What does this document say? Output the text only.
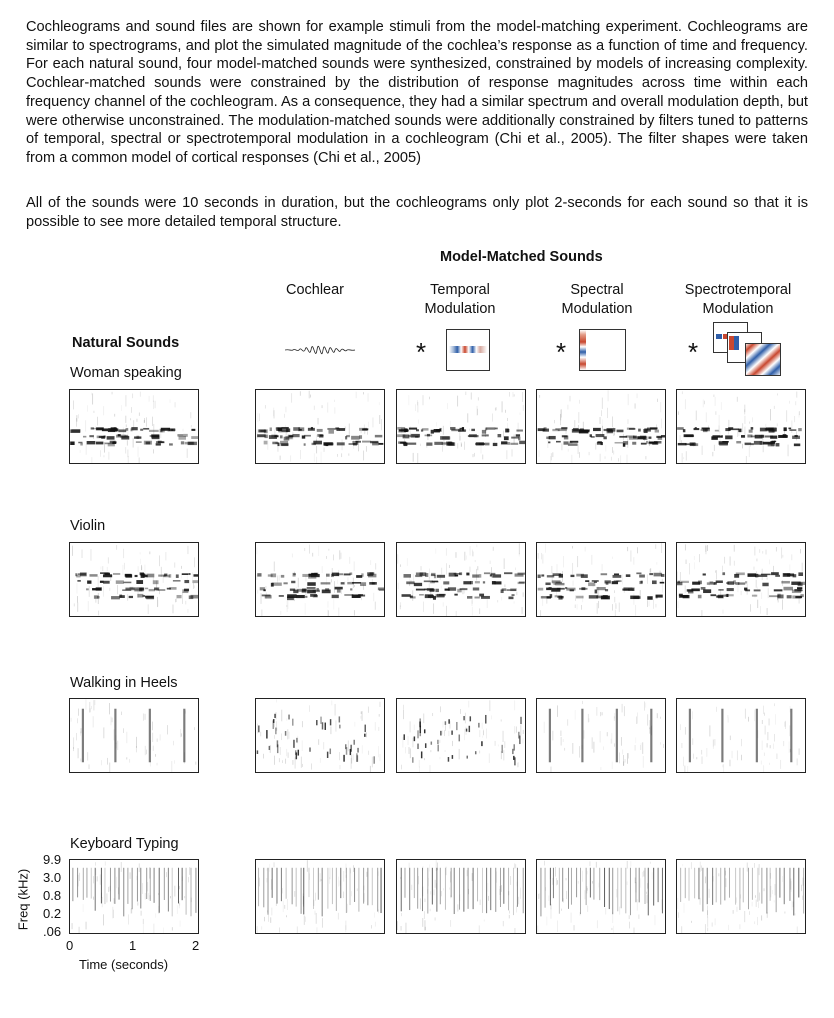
Cochleograms and sound files are shown for example stimuli from the model-matching experiment. Cochleograms are similar to spectrograms, and plot the simulated magnitude of the cochlea’s response as a function of time and frequency. For each natural sound, four model-matched sounds were synthesized, constrained by models of increasing complexity. Cochlear-matched sounds were constrained by the distribution of response magnitudes across time within each frequency channel of the cochleogram. As a consequence, they had a similar spectrum and overall modulation depth, but were otherwise unconstrained. The modulation-matched sounds were additionally constrained by filters tuned to patterns of temporal, spectral or spectrotemporal modulation in a cochleogram (Chi et al., 2005). The filter shapes were taken from a common model of cortical responses (Chi et al., 2005)

All of the sounds were 10 seconds in duration, but the cochleograms only plot 2-seconds for each sound so that it is possible to see more detailed temporal structure.

Model-Matched Sounds
Cochlear	Temporal
Modulation
Spectral
Modulation
Spectrotemporal
Modulation
Natural Sounds	*	*	*
Woman speaking
Violin
Walking in Heels
Keyboard Typing
Freq (kHz)
9.9
3.0
0.8
0.2
.06
0	1	2
Time (seconds)
